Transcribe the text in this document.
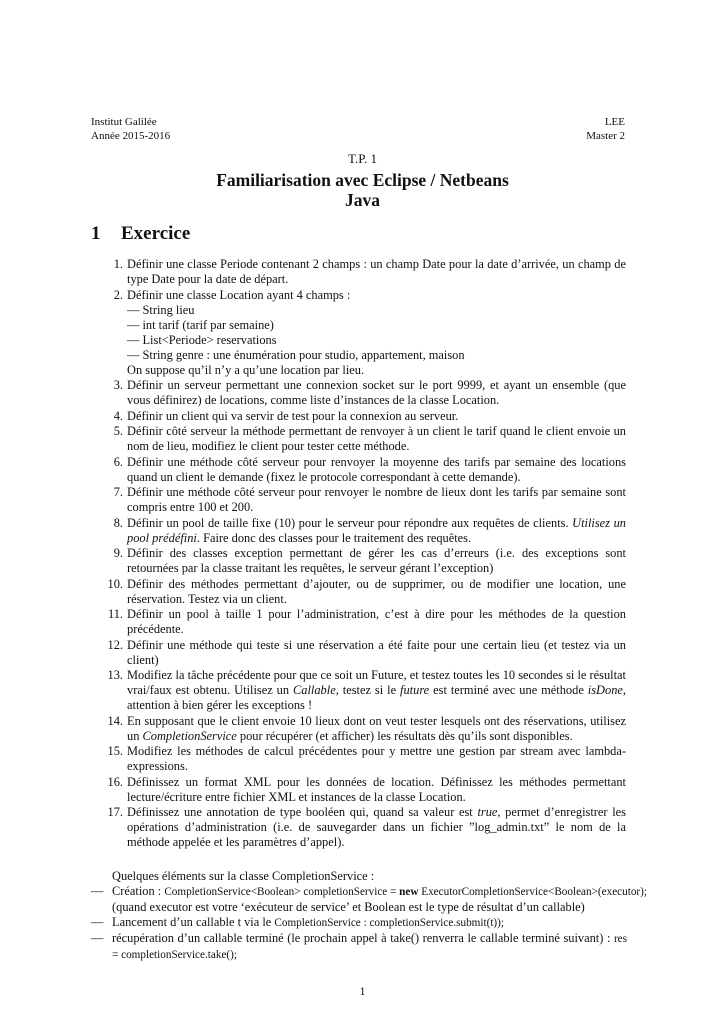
Institut Galilée
Année 2015-2016
LEE
Master 2
T.P. 1
Familiarisation avec Eclipse / Netbeans
Java
1 Exercice
1. Définir une classe Periode contenant 2 champs : un champ Date pour la date d’arrivée, un champ de type Date pour la date de départ.
2. Définir une classe Location ayant 4 champs :
— String lieu
— int tarif (tarif par semaine)
— List<Periode> reservations
— String genre : une énumération pour studio, appartement, maison
On suppose qu’il n’y a qu’une location par lieu.
3. Définir un serveur permettant une connexion socket sur le port 9999, et ayant un ensemble (que vous définirez) de locations, comme liste d’instances de la classe Location.
4. Définir un client qui va servir de test pour la connexion au serveur.
5. Définir côté serveur la méthode permettant de renvoyer à un client le tarif quand le client envoie un nom de lieu, modifiez le client pour tester cette méthode.
6. Définir une méthode côté serveur pour renvoyer la moyenne des tarifs par semaine des locations quand un client le demande (fixez le protocole correspondant à cette demande).
7. Définir une méthode côté serveur pour renvoyer le nombre de lieux dont les tarifs par semaine sont compris entre 100 et 200.
8. Définir un pool de taille fixe (10) pour le serveur pour répondre aux requêtes de clients. Utilisez un pool prédéfini. Faire donc des classes pour le traitement des requêtes.
9. Définir des classes exception permettant de gérer les cas d’erreurs (i.e. des exceptions sont retournées par la classe traitant les requêtes, le serveur gérant l’exception)
10. Définir des méthodes permettant d’ajouter, ou de supprimer, ou de modifier une location, une réservation. Testez via un client.
11. Définir un pool à taille 1 pour l’administration, c’est à dire pour les méthodes de la question précédente.
12. Définir une méthode qui teste si une réservation a été faite pour une certain lieu (et testez via un client)
13. Modifiez la tâche précédente pour que ce soit un Future, et testez toutes les 10 secondes si le résultat vrai/faux est obtenu. Utilisez un Callable, testez si le future est terminé avec une méthode isDone, attention à bien gérer les exceptions !
14. En supposant que le client envoie 10 lieux dont on veut tester lesquels ont des réservations, utilisez un CompletionService pour récupérer (et afficher) les résultats dès qu’ils sont disponibles.
15. Modifiez les méthodes de calcul précédentes pour y mettre une gestion par stream avec lambda-expressions.
16. Définissez un format XML pour les données de location. Définissez les méthodes permettant lecture/écriture entre fichier XML et instances de la classe Location.
17. Définissez une annotation de type booléen qui, quand sa valeur est true, permet d’enregistrer les opérations d’administration (i.e. de sauvegarder dans un fichier ”log_admin.txt” le nom de la méthode appelée et les paramètres d’appel).
Quelques éléments sur la classe CompletionService :
— Création : CompletionService<Boolean> completionService = new ExecutorCompletionService<Boolean>(executor);
(quand executor est votre ‘exécuteur de service’ et Boolean est le type de résultat d’un callable)
— Lancement d’un callable t via le CompletionService : completionService.submit(t));
— récupération d’un callable terminé (le prochain appel à take() renverra le callable terminé suivant) : res = completionService.take();
1
